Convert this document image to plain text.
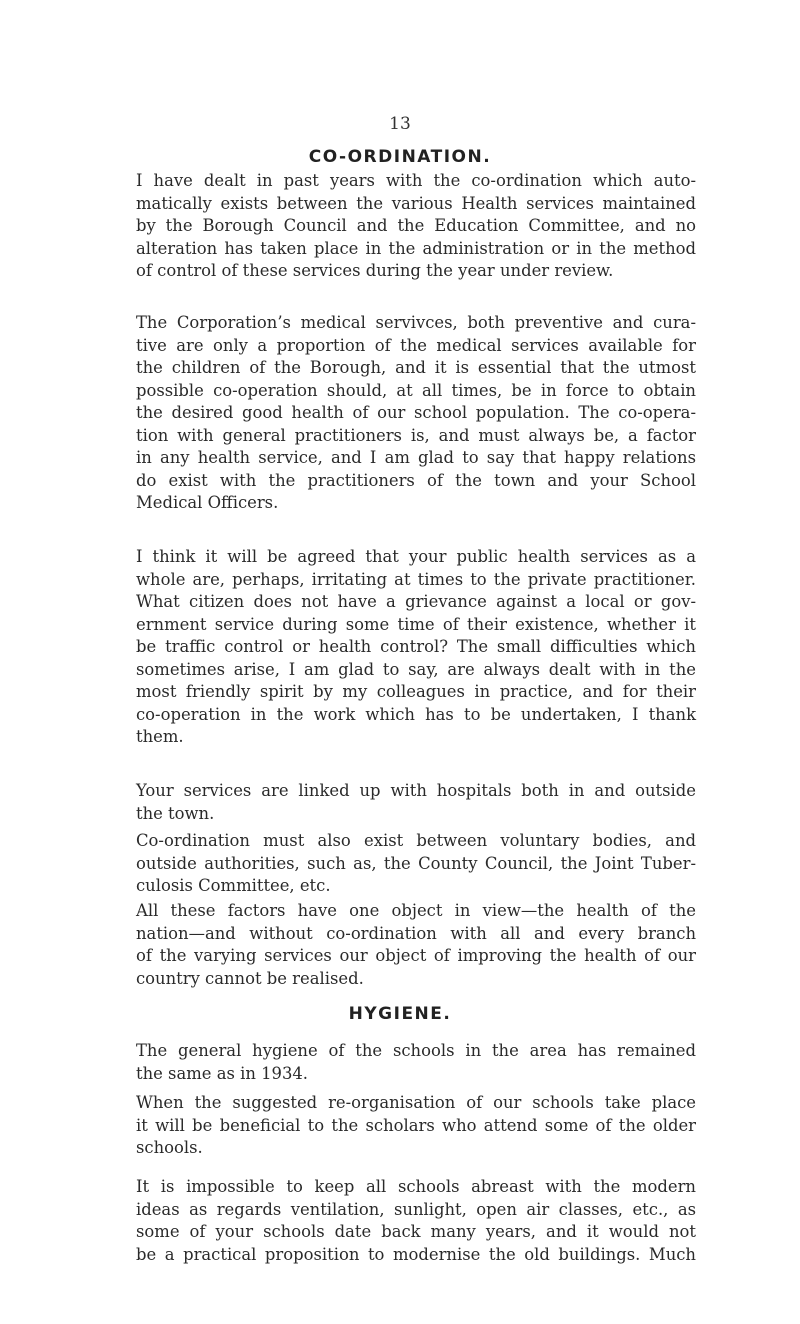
13
CO-ORDINATION.

I have dealt in past years with the co-ordination which auto-
matically exists between the various Health services maintained
by the Borough Council and the Education Committee, and no
alteration has taken place in the administration or in the method
of control of these services during the year under review.

The Corporation’s medical servivces, both preventive and cura-
tive are only a proportion of the medical services available for
the children of the Borough, and it is essential that the utmost
possible co-operation should, at all times, be in force to obtain
the desired good health of our school population. The co-opera-
tion with general practitioners is, and must always be, a factor
in any health service, and I am glad to say that happy relations
do exist with the practitioners of the town and your School
Medical Officers.

I think it will be agreed that your public health services as a
whole are, perhaps, irritating at times to the private practitioner.
What citizen does not have a grievance against a local or gov-
ernment service during some time of their existence, whether it
be traffic control or health control? The small difficulties which
sometimes arise, I am glad to say, are always dealt with in the
most friendly spirit by my colleagues in practice, and for their
co-operation in the work which has to be undertaken, I thank
them.

Your services are linked up with hospitals both in and outside
the town.

Co-ordination must also exist between voluntary bodies, and
outside authorities, such as, the County Council, the Joint Tuber-
culosis Committee, etc.

All these factors have one object in view—the health of the
nation—and without co-ordination with all and every branch
of the varying services our object of improving the health of our
country cannot be realised.

HYGIENE.

The general hygiene of the schools in the area has remained
the same as in 1934.

When the suggested re-organisation of our schools take place
it will be beneficial to the scholars who attend some of the older
schools.

It is impossible to keep all schools abreast with the modern
ideas as regards ventilation, sunlight, open air classes, etc., as
some of your schools date back many years, and it would not
be a practical proposition to modernise the old buildings. Much
